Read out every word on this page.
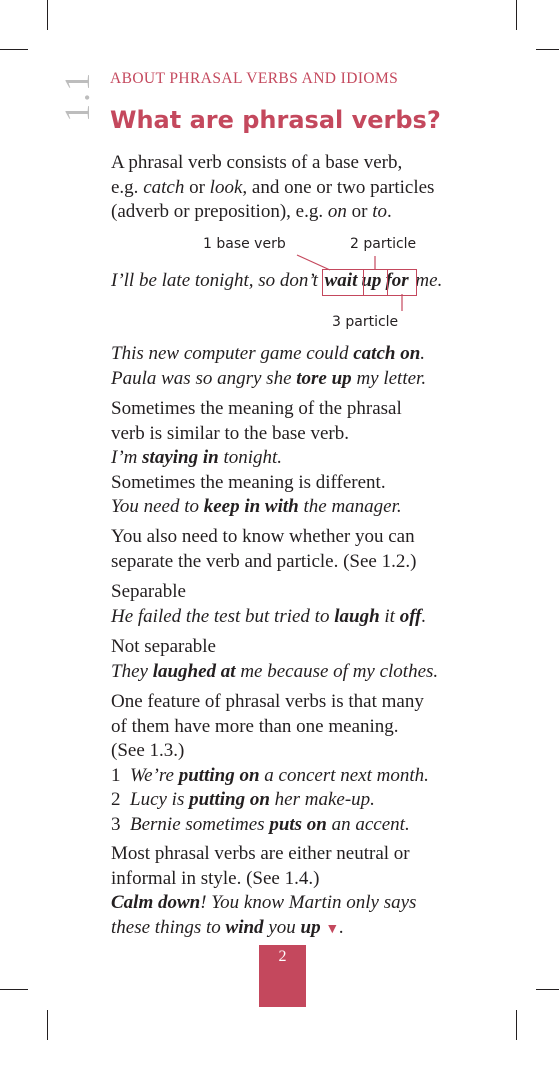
1.1 ABOUT PHRASAL VERBS AND IDIOMS
What are phrasal verbs?
A phrasal verb consists of a base verb,
e.g. catch or look, and one or two particles
(adverb or preposition), e.g. on or to.
1 base verb	2 particle
I’ll be late tonight, so don’t wait up for me.
3 particle
This new computer game could catch on.
Paula was so angry she tore up my letter.
Sometimes the meaning of the phrasal
verb is similar to the base verb.
I’m staying in tonight.
Sometimes the meaning is different.
You need to keep in with the manager.
You also need to know whether you can
separate the verb and particle. (See 1.2.)
Separable
He failed the test but tried to laugh it off.
Not separable
They laughed at me because of my clothes.
One feature of phrasal verbs is that many
of them have more than one meaning.
(See 1.3.)
1 We’re putting on a concert next month.
2 Lucy is putting on her make-up.
3 Bernie sometimes puts on an accent.
Most phrasal verbs are either neutral or
informal in style. (See 1.4.)
Calm down! You know Martin only says
these things to wind you up ▼.
2
